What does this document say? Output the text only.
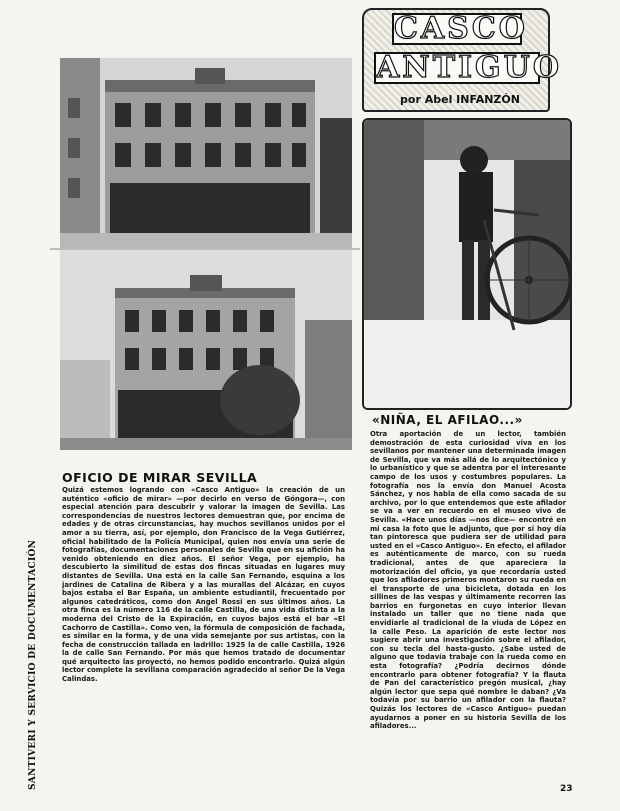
CASCO
ANTIGUO
por Abel INFANZÓN
OFICIO DE MIRAR SEVILLA
Quizá estemos logrando con «Casco Antiguo» la creación de un auténtico «oficio de mirar» —por decirlo en verso de Góngora—, con especial atención para descubrir y valorar la imagen de Sevilla. Las correspondencias de nuestros lectores demuestran que, por encima de edades y de otras circunstancias, hay muchos sevillanos unidos por el amor a su tierra, así, por ejemplo, don Francisco de la Vega Gutiérrez, oficial habilitado de la Policía Municipal, quien nos envía una serie de fotografías, documentaciones personales de Sevilla que en su afición ha venido obteniendo en diez años. El señor Vega, por ejemplo, ha descubierto la similitud de estas dos fincas situadas en lugares muy distantes de Sevilla. Una está en la calle San Fernando, esquina a los jardines de Catalina de Ribera y a las murallas del Alcázar, en cuyos bajos estaba el Bar España, un ambiente estudiantil, frecuentado por algunos catedráticos, como don Angel Rossi en sus últimos años. La otra finca es la número 116 de la calle Castilla, de una vida distinta a la moderna del Cristo de la Expiración, en cuyos bajos está el bar «El Cachorro de Castilla». Como ven, la fórmula de composición de fachada, es similar en la forma, y de una vida semejante por sus artistas, con la fecha de construcción tallada en ladrillo: 1925 la de calle Castilla, 1926 la de calle San Fernando. Por más que hemos tratado de documentar qué arquitecto las proyectó, no hemos podido encontrarlo. Quizá algún lector complete la sevillana comparación agradecido al señor De la Vega Calindas.
«NIÑA, EL AFILAO...»
Otra aportación de un lector, también demostración de esta curiosidad viva en los sevillanos por mantener una determinada imagen de Sevilla, que va más allá de lo arquitectónico y lo urbanístico y que se adentra por el interesante campo de los usos y costumbres populares. La fotografía nos la envía don Manuel Acosta Sánchez, y nos habla de ella como sacada de su archivo, por lo que entendemos que este afilador se va a ver en recuerdo en el museo vivo de Sevilla. «Hace unos días —nos dice— encontré en mi casa la foto que le adjunto, que por si hoy día tan pintoresca que pudiera ser de utilidad para usted en el «Casco Antiguo». En efecto, el afilador es auténticamente de marco, con su rueda tradicional, antes de que apareciera la motorización del oficio, ya que recordaría usted que los afiladores primeros montaron su rueda en el transporte de una bicicleta, dotada en los sillines de las vespas y últimamente recorren las barrios en furgonetas en cuyo interior llevan instalado un taller que no tiene nada que envidiarle al tradicional de la viuda de López en la calle Peso. La aparición de este lector nos sugiere abrir una investigación sobre el afilador, con su tecla del hasta-gusto. ¿Sabe usted de alguno que todavía trabaje con la rueda como en esta fotografía? ¿Podría decirnos dónde encontrarlo para obtener fotografía? Y la flauta de Pan del característico pregón musical, ¿hay algún lector que sepa qué nombre le daban? ¿Va todavía por su barrio un afilador con la flauta? Quizás los lectores de «Casco Antiguo» puedan ayudarnos a poner en su historia Sevilla de los afiladores...
SANTIVERI Y SERVICIO DE DOCUMENTACIÓN	23
